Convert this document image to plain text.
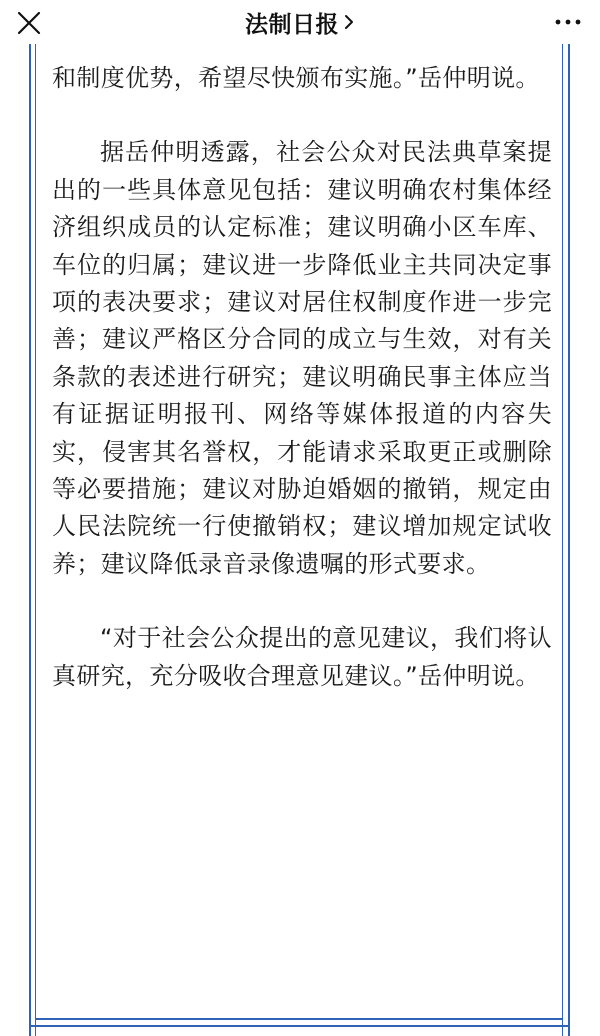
法制日报

和制度优势，希望尽快颁布实施。”岳仲明说。

据岳仲明透露，社会公众对民法典草案提出的一些具体意见包括：建议明确农村集体经济组织成员的认定标准；建议明确小区车库、车位的归属；建议进一步降低业主共同决定事项的表决要求；建议对居住权制度作进一步完善；建议严格区分合同的成立与生效，对有关条款的表述进行研究；建议明确民事主体应当有证据证明报刊、网络等媒体报道的内容失实，侵害其名誉权，才能请求采取更正或删除等必要措施；建议对胁迫婚姻的撤销，规定由人民法院统一行使撤销权；建议增加规定试收养；建议降低录音录像遗嘱的形式要求。

“对于社会公众提出的意见建议，我们将认真研究，充分吸收合理意见建议。”岳仲明说。
